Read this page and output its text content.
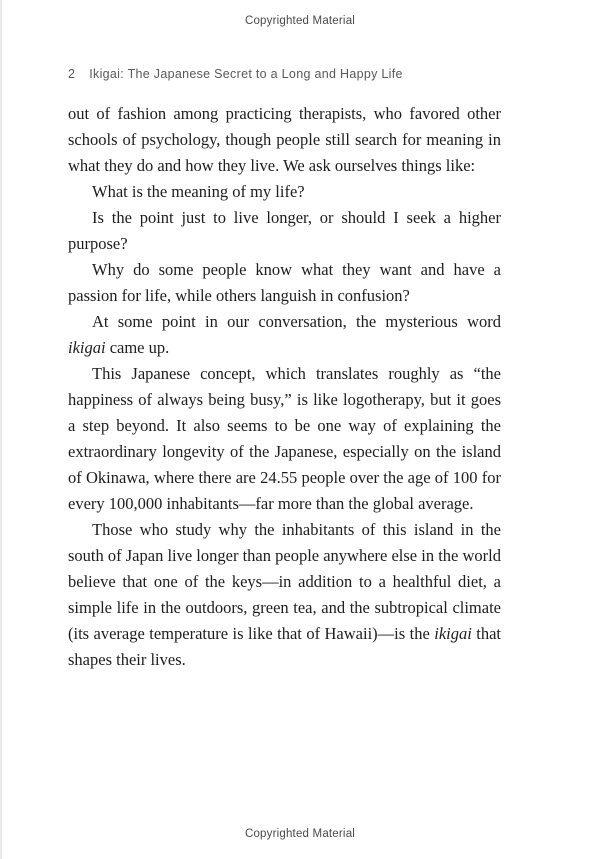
Copyrighted Material
2 Ikigai: The Japanese Secret to a Long and Happy Life

out of fashion among practicing therapists, who favored other schools of psychology, though people still search for meaning in what they do and how they live. We ask ourselves things like:

What is the meaning of my life?

Is the point just to live longer, or should I seek a higher purpose?

Why do some people know what they want and have a passion for life, while others languish in confusion?

At some point in our conversation, the mysterious word ikigai came up.

This Japanese concept, which translates roughly as “the happiness of always being busy,” is like logotherapy, but it goes a step beyond. It also seems to be one way of explaining the extraordinary longevity of the Japanese, especially on the island of Okinawa, where there are 24.55 people over the age of 100 for every 100,000 inhabitants—far more than the global average.

Those who study why the inhabitants of this island in the south of Japan live longer than people anywhere else in the world believe that one of the keys—in addition to a healthful diet, a simple life in the outdoors, green tea, and the subtropical climate (its average temperature is like that of Hawaii)—is the ikigai that shapes their lives.

Copyrighted Material
